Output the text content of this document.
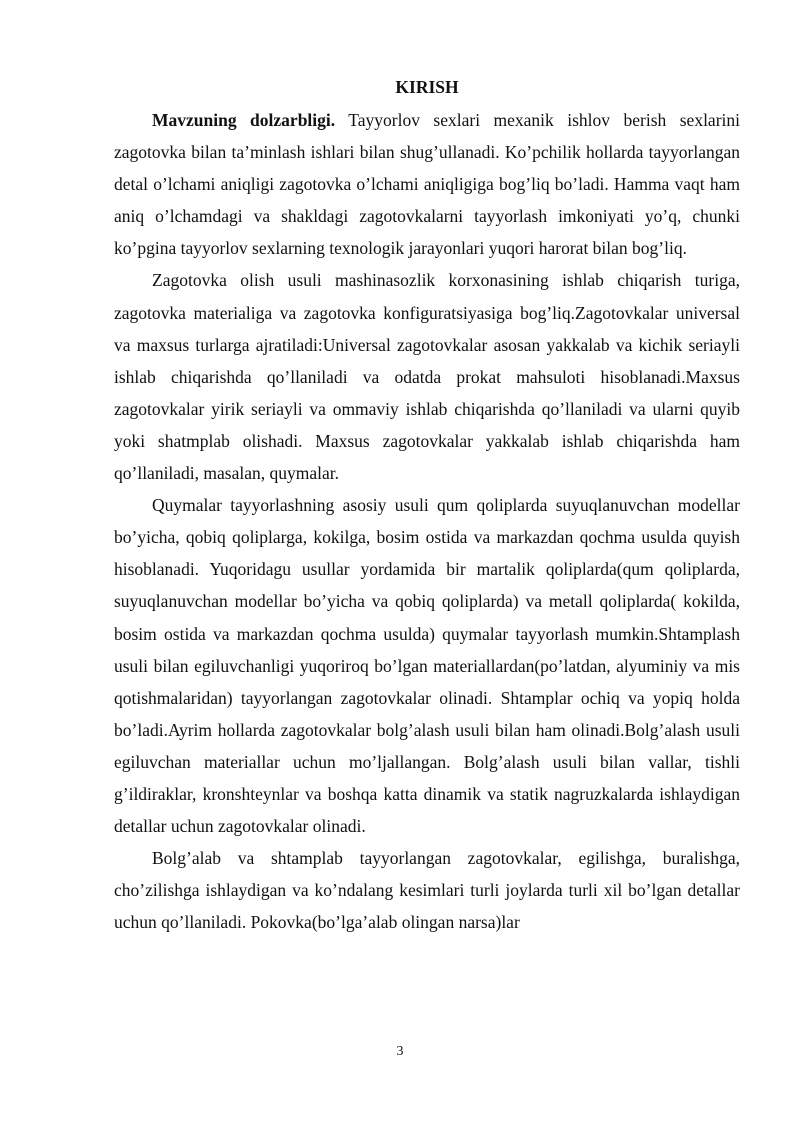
KIRISH

Mavzuning dolzarbligi. Tayyorlov sexlari mexanik ishlov berish sexlarini zagotovka bilan ta’minlash ishlari bilan shug’ullanadi. Ko’pchilik hollarda tayyorlangan detal o’lchami aniqligi zagotovka o’lchami aniqligiga bog’liq bo’ladi. Hamma vaqt ham aniq o’lchamdagi va shakldagi zagotovkalarni tayyorlash imkoniyati yo’q, chunki ko’pgina tayyorlov sexlarning texnologik jarayonlari yuqori harorat bilan bog’liq.

Zagotovka olish usuli mashinasozlik korxonasining ishlab chiqarish turiga, zagotovka materialiga va zagotovka konfiguratsiyasiga bog’liq.Zagotovkalar universal va maxsus turlarga ajratiladi:Universal zagotovkalar asosan yakkalab va kichik seriayli ishlab chiqarishda qo’llaniladi va odatda prokat mahsuloti hisoblanadi.Maxsus zagotovkalar yirik seriayli va ommaviy ishlab chiqarishda qo’llaniladi va ularni quyib yoki shatmplab olishadi. Maxsus zagotovkalar yakkalab ishlab chiqarishda ham qo’llaniladi, masalan, quymalar.

Quymalar tayyorlashning asosiy usuli qum qoliplarda suyuqlanuvchan modellar bo’yicha, qobiq qoliplarga, kokilga, bosim ostida va markazdan qochma usulda quyish hisoblanadi. Yuqoridagu usullar yordamida bir martalik qoliplarda(qum qoliplarda, suyuqlanuvchan modellar bo’yicha va qobiq qoliplarda) va metall qoliplarda( kokilda, bosim ostida va markazdan qochma usulda) quymalar tayyorlash mumkin.Shtamplash usuli bilan egiluvchanligi yuqoriroq bo’lgan materiallardan(po’latdan, alyuminiy va mis qotishmalaridan) tayyorlangan zagotovkalar olinadi. Shtamplar ochiq va yopiq holda bo’ladi.Ayrim hollarda zagotovkalar bolg’alash usuli bilan ham olinadi.Bolg’alash usuli egiluvchan materiallar uchun mo’ljallangan. Bolg’alash usuli bilan vallar, tishli g’ildiraklar, kronshteynlar va boshqa katta dinamik va statik nagruzkalarda ishlaydigan detallar uchun zagotovkalar olinadi.

Bolg’alab va shtamplab tayyorlangan zagotovkalar, egilishga, buralishga, cho’zilishga ishlaydigan va ko’ndalang kesimlari turli joylarda turli xil bo’lgan detallar uchun qo’llaniladi. Pokovka(bo’lga’alab olingan narsa)lar

3
